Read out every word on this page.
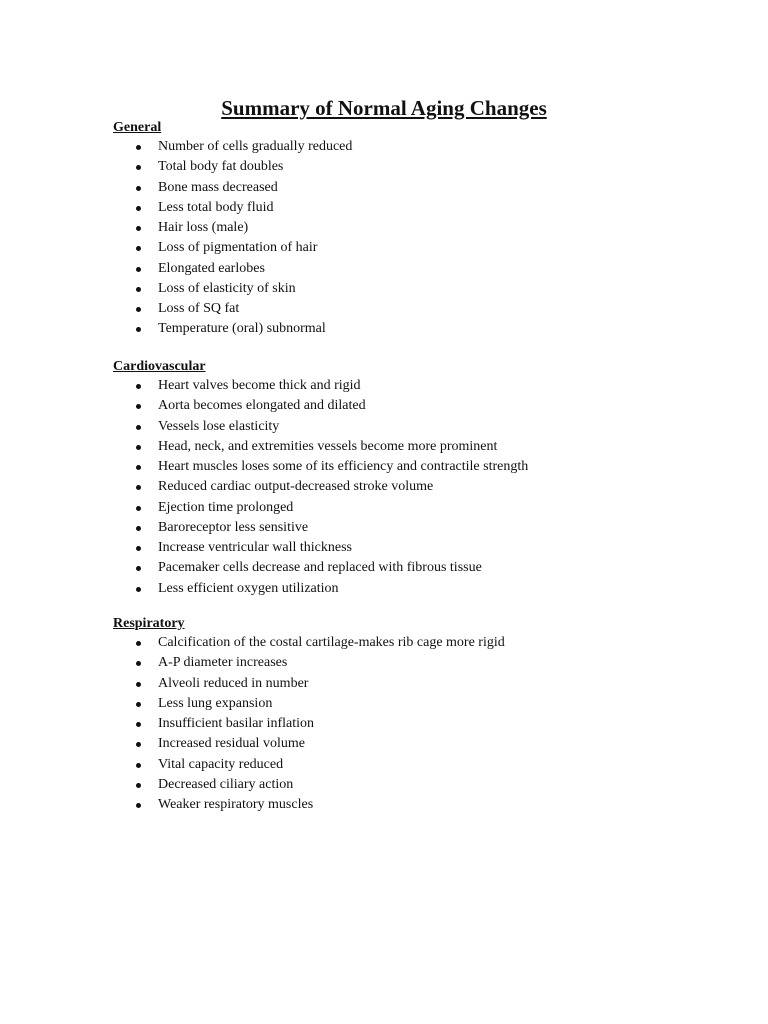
Summary of Normal Aging Changes
General
Number of cells gradually reduced
Total body fat doubles
Bone mass decreased
Less total body fluid
Hair loss (male)
Loss of pigmentation of hair
Elongated earlobes
Loss of elasticity of skin
Loss of SQ fat
Temperature (oral) subnormal
Cardiovascular
Heart valves become thick and rigid
Aorta becomes elongated and dilated
Vessels lose elasticity
Head, neck, and extremities vessels become more prominent
Heart muscles loses some of its efficiency and contractile strength
Reduced cardiac output-decreased stroke volume
Ejection time prolonged
Baroreceptor less sensitive
Increase ventricular wall thickness
Pacemaker cells decrease and replaced with fibrous tissue
Less efficient oxygen utilization
Respiratory
Calcification of the costal cartilage-makes rib cage more rigid
A-P diameter increases
Alveoli reduced in number
Less lung expansion
Insufficient basilar inflation
Increased residual volume
Vital capacity reduced
Decreased ciliary action
Weaker respiratory muscles
